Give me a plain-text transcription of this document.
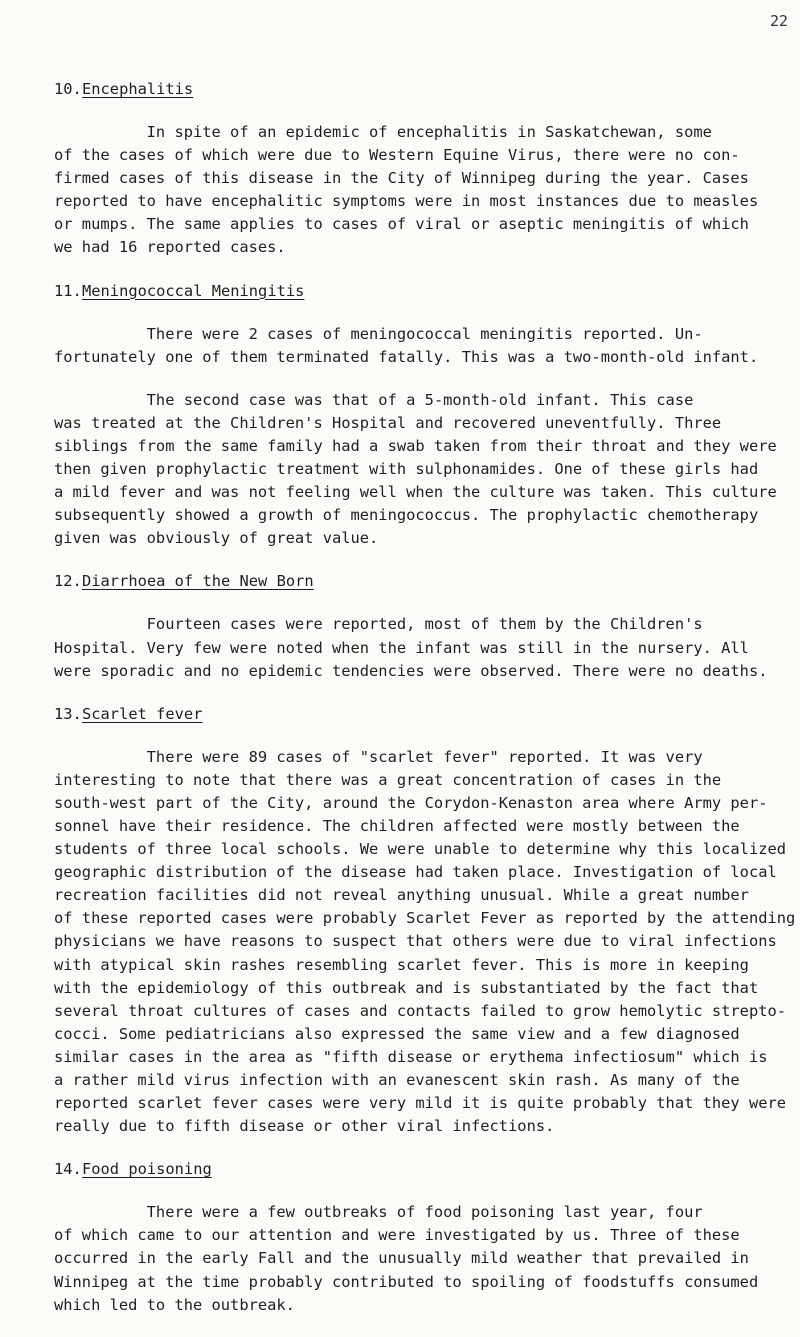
22
10.Encephalitis
In spite of an epidemic of encephalitis in Saskatchewan, some
of the cases of which were due to Western Equine Virus, there were no con-
firmed cases of this disease in the City of Winnipeg during the year. Cases
reported to have encephalitic symptoms were in most instances due to measles
or mumps. The same applies to cases of viral or aseptic meningitis of which
we had 16 reported cases.
11.Meningococcal Meningitis
There were 2 cases of meningococcal meningitis reported. Un-
fortunately one of them terminated fatally. This was a two-month-old infant.
The second case was that of a 5-month-old infant. This case
was treated at the Children's Hospital and recovered uneventfully. Three
siblings from the same family had a swab taken from their throat and they were
then given prophylactic treatment with sulphonamides. One of these girls had
a mild fever and was not feeling well when the culture was taken. This culture
subsequently showed a growth of meningococcus. The prophylactic chemotherapy
given was obviously of great value.
12.Diarrhoea of the New Born
Fourteen cases were reported, most of them by the Children's
Hospital. Very few were noted when the infant was still in the nursery. All
were sporadic and no epidemic tendencies were observed. There were no deaths.
13.Scarlet fever
There were 89 cases of "scarlet fever" reported. It was very
interesting to note that there was a great concentration of cases in the
south-west part of the City, around the Corydon-Kenaston area where Army per-
sonnel have their residence. The children affected were mostly between the
students of three local schools. We were unable to determine why this localized
geographic distribution of the disease had taken place. Investigation of local
recreation facilities did not reveal anything unusual. While a great number
of these reported cases were probably Scarlet Fever as reported by the attending
physicians we have reasons to suspect that others were due to viral infections
with atypical skin rashes resembling scarlet fever. This is more in keeping
with the epidemiology of this outbreak and is substantiated by the fact that
several throat cultures of cases and contacts failed to grow hemolytic strepto-
cocci. Some pediatricians also expressed the same view and a few diagnosed
similar cases in the area as "fifth disease or erythema infectiosum" which is
a rather mild virus infection with an evanescent skin rash. As many of the
reported scarlet fever cases were very mild it is quite probably that they were
really due to fifth disease or other viral infections.
14.Food poisoning
There were a few outbreaks of food poisoning last year, four
of which came to our attention and were investigated by us. Three of these
occurred in the early Fall and the unusually mild weather that prevailed in
Winnipeg at the time probably contributed to spoiling of foodstuffs consumed
which led to the outbreak.
